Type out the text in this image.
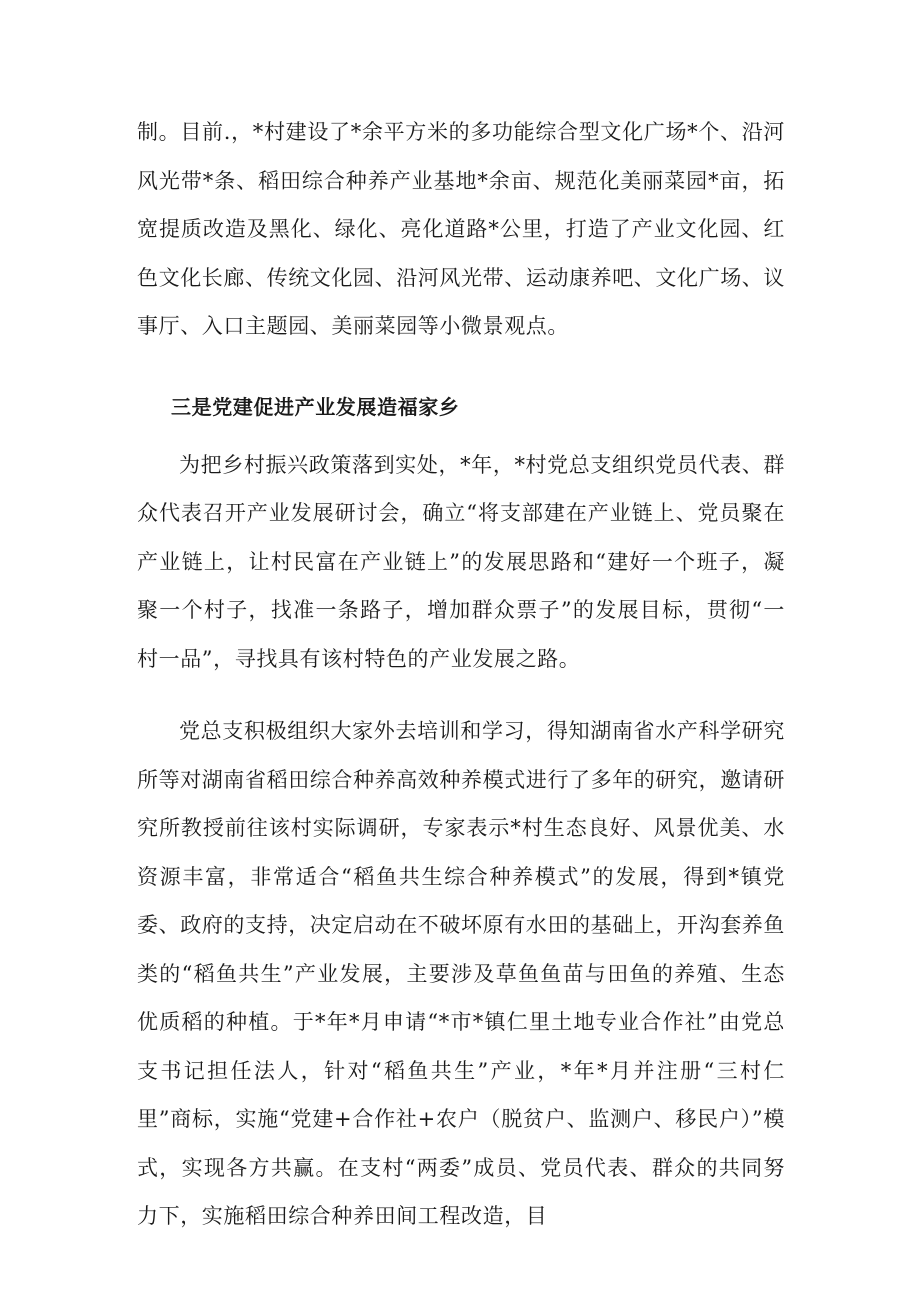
制。目前.，*村建设了*余平方米的多功能综合型文化广场*个、沿河风光带*条、稻田综合种养产业基地*余亩、规范化美丽菜园*亩，拓宽提质改造及黑化、绿化、亮化道路*公里，打造了产业文化园、红色文化长廊、传统文化园、沿河风光带、运动康养吧、文化广场、议事厅、入口主题园、美丽菜园等小微景观点。

三是党建促进产业发展造福家乡

为把乡村振兴政策落到实处，*年，*村党总支组织党员代表、群众代表召开产业发展研讨会，确立“将支部建在产业链上、党员聚在产业链上，让村民富在产业链上”的发展思路和“建好一个班子，凝聚一个村子，找准一条路子，增加群众票子”的发展目标，贯彻“一村一品”，寻找具有该村特色的产业发展之路。

党总支积极组织大家外去培训和学习，得知湖南省水产科学研究所等对湖南省稻田综合种养高效种养模式进行了多年的研究，邀请研究所教授前往该村实际调研，专家表示*村生态良好、风景优美、水资源丰富，非常适合“稻鱼共生综合种养模式”的发展，得到*镇党委、政府的支持，决定启动在不破坏原有水田的基础上，开沟套养鱼类的“稻鱼共生”产业发展，主要涉及草鱼鱼苗与田鱼的养殖、生态优质稻的种植。于*年*月申请“*市*镇仁里土地专业合作社”由党总支书记担任法人，针对“稻鱼共生”产业，*年*月并注册“三村仁里”商标，实施“党建+合作社+农户（脱贫户、监测户、移民户）”模式，实现各方共赢。在支村“两委”成员、党员代表、群众的共同努力下，实施稻田综合种养田间工程改造，目
